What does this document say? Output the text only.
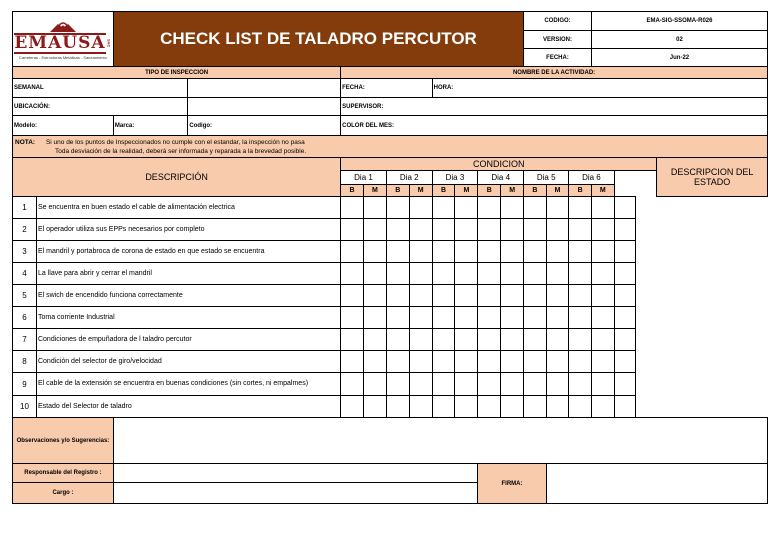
EMAUSA SAC
Carreteras - Estructuras Metálicas - Saneamiento		CHECK LIST DE TALADRO PERCUTOR										CODIGO:			EMA-SIG-SSOMA-R026		
												VERSION:			02		
												FECHA:			Jun-22		
TIPO DE INSPECCION				NOMBRE DE LA ACTIVIDAD:													
SEMANAL				FECHA:				HORA:									
UBICACIÓN:				SUPERVISOR:													
Modelo:		Marca:	Codigo:	COLOR DEL MES:													
NOTA: Si uno de los puntos de Inspeccionados no cumple con el estandar, la inspección no pasa
Toda desviación de la realidad, deberá ser informada y reparada a la brevedad posible.																	
DESCRIPCIÓN				CONDICION													DESCRIPCION DEL ESTADO
				Dia 1		Dia 2		Dia 3		Dia 4		Dia 5		Dia 6			
				B	M	B	M	B	M	B	M	B	M	B	M		
1	Se encuentra en buen estado el cable de alimentación electrica																
2	El operador utiliza sus EPPs necesarios por completo																
3	El mandril y portabroca de corona de estado en que estado se encuentra																
4	La llave para abrir y cerrar el mandril																
5	El swich de encendido funciona correctamente																
6	Toma corriente Industrial																
7	Condiciones de empuñadora de l taladro percutor																
8	Condición del selector de giro/velocidad																
9	El cable de la extensión se encuentra en buenas condiciones (sin cortes, ni empalmes)																
10	Estado del Selector de taladro																
Observaciones y/o Sugerencias:																	
Responsable del Registro :										FIRMA:							
Cargo :																	
